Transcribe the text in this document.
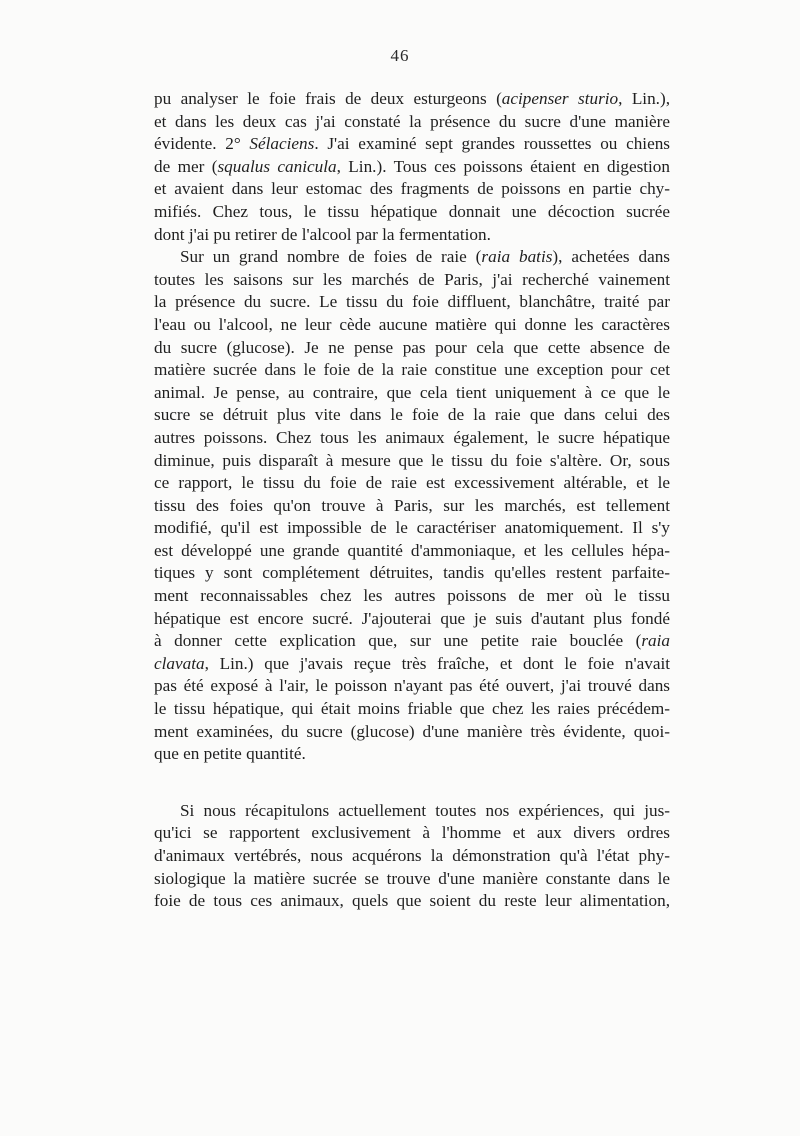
46
pu analyser le foie frais de deux esturgeons (acipenser sturio, Lin.),
et dans les deux cas j'ai constaté la présence du sucre d'une manière
évidente. 2° Sélaciens. J'ai examiné sept grandes roussettes ou chiens
de mer (squalus canicula, Lin.). Tous ces poissons étaient en digestion
et avaient dans leur estomac des fragments de poissons en partie chy-
mifiés. Chez tous, le tissu hépatique donnait une décoction sucrée
dont j'ai pu retirer de l'alcool par la fermentation.
Sur un grand nombre de foies de raie (raia batis), achetées dans
toutes les saisons sur les marchés de Paris, j'ai recherché vainement
la présence du sucre. Le tissu du foie diffluent, blanchâtre, traité par
l'eau ou l'alcool, ne leur cède aucune matière qui donne les caractères
du sucre (glucose). Je ne pense pas pour cela que cette absence de
matière sucrée dans le foie de la raie constitue une exception pour cet
animal. Je pense, au contraire, que cela tient uniquement à ce que le
sucre se détruit plus vite dans le foie de la raie que dans celui des
autres poissons. Chez tous les animaux également, le sucre hépatique
diminue, puis disparaît à mesure que le tissu du foie s'altère. Or, sous
ce rapport, le tissu du foie de raie est excessivement altérable, et le
tissu des foies qu'on trouve à Paris, sur les marchés, est tellement
modifié, qu'il est impossible de le caractériser anatomiquement. Il s'y
est développé une grande quantité d'ammoniaque, et les cellules hépa-
tiques y sont complétement détruites, tandis qu'elles restent parfaite-
ment reconnaissables chez les autres poissons de mer où le tissu
hépatique est encore sucré. J'ajouterai que je suis d'autant plus fondé
à donner cette explication que, sur une petite raie bouclée (raia
clavata, Lin.) que j'avais reçue très fraîche, et dont le foie n'avait
pas été exposé à l'air, le poisson n'ayant pas été ouvert, j'ai trouvé dans
le tissu hépatique, qui était moins friable que chez les raies précédem-
ment examinées, du sucre (glucose) d'une manière très évidente, quoi-
que en petite quantité.
Si nous récapitulons actuellement toutes nos expériences, qui jus-
qu'ici se rapportent exclusivement à l'homme et aux divers ordres
d'animaux vertébrés, nous acquérons la démonstration qu'à l'état phy-
siologique la matière sucrée se trouve d'une manière constante dans le
foie de tous ces animaux, quels que soient du reste leur alimentation,
